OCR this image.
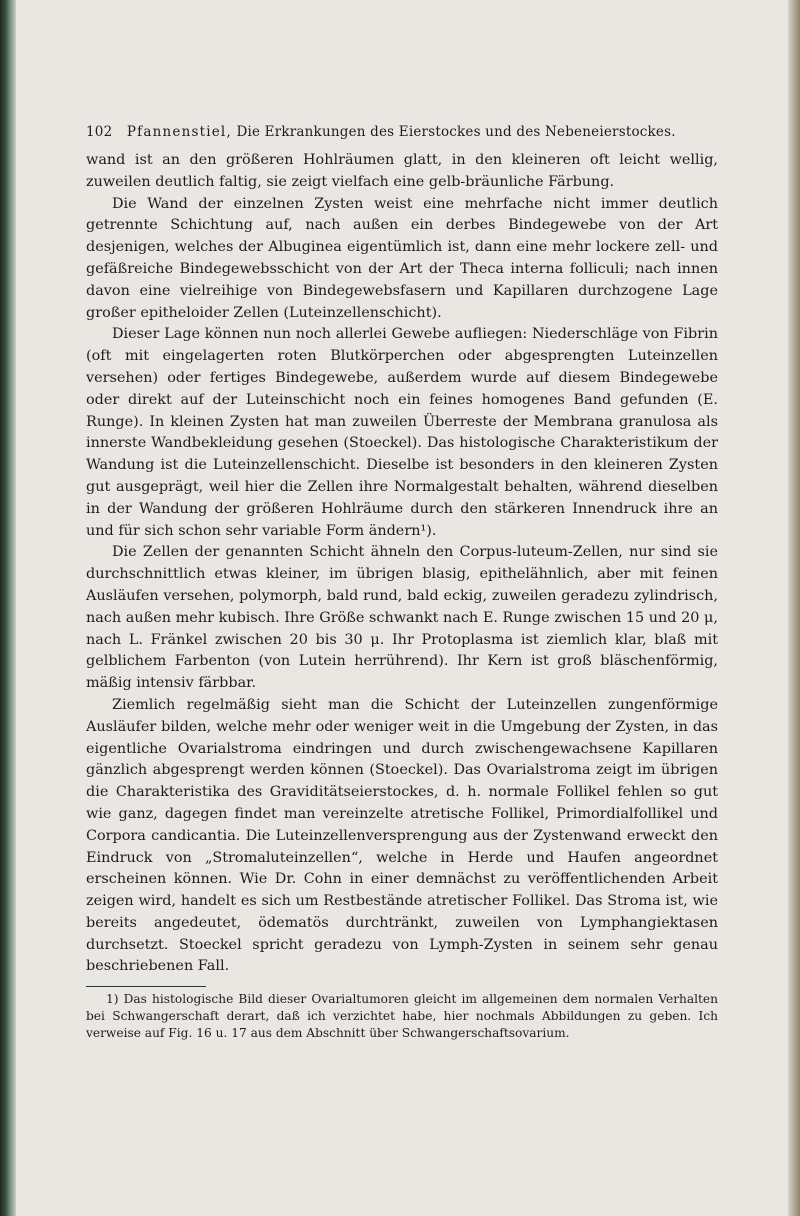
102 Pfannenstiel, Die Erkrankungen des Eierstockes und des Nebeneierstockes.

wand ist an den größeren Hohlräumen glatt, in den kleineren oft leicht wellig, zuweilen deutlich faltig, sie zeigt vielfach eine gelb-bräunliche Färbung.

Die Wand der einzelnen Zysten weist eine mehrfache nicht immer deutlich getrennte Schichtung auf, nach außen ein derbes Bindegewebe von der Art desjenigen, welches der Albuginea eigentümlich ist, dann eine mehr lockere zell- und gefäßreiche Bindegewebsschicht von der Art der Theca interna folliculi; nach innen davon eine vielreihige von Bindegewebsfasern und Kapillaren durchzogene Lage großer epitheloider Zellen (Luteinzellenschicht).

Dieser Lage können nun noch allerlei Gewebe aufliegen: Niederschläge von Fibrin (oft mit eingelagerten roten Blutkörperchen oder abgesprengten Luteinzellen versehen) oder fertiges Bindegewebe, außerdem wurde auf diesem Bindegewebe oder direkt auf der Luteinschicht noch ein feines homogenes Band gefunden (E. Runge). In kleinen Zysten hat man zuweilen Überreste der Membrana granulosa als innerste Wandbekleidung gesehen (Stoeckel). Das histologische Charakteristikum der Wandung ist die Luteinzellenschicht. Dieselbe ist besonders in den kleineren Zysten gut ausgeprägt, weil hier die Zellen ihre Normalgestalt behalten, während dieselben in der Wandung der größeren Hohlräume durch den stärkeren Innendruck ihre an und für sich schon sehr variable Form ändern¹).

Die Zellen der genannten Schicht ähneln den Corpus-luteum-Zellen, nur sind sie durchschnittlich etwas kleiner, im übrigen blasig, epithelähnlich, aber mit feinen Ausläufen versehen, polymorph, bald rund, bald eckig, zuweilen geradezu zylindrisch, nach außen mehr kubisch. Ihre Größe schwankt nach E. Runge zwischen 15 und 20 μ, nach L. Fränkel zwischen 20 bis 30 μ. Ihr Protoplasma ist ziemlich klar, blaß mit gelblichem Farbenton (von Lutein herrührend). Ihr Kern ist groß bläschenförmig, mäßig intensiv färbbar.

Ziemlich regelmäßig sieht man die Schicht der Luteinzellen zungenförmige Ausläufer bilden, welche mehr oder weniger weit in die Umgebung der Zysten, in das eigentliche Ovarialstroma eindringen und durch zwischengewachsene Kapillaren gänzlich abgesprengt werden können (Stoeckel). Das Ovarialstroma zeigt im übrigen die Charakteristika des Graviditätseierstockes, d. h. normale Follikel fehlen so gut wie ganz, dagegen findet man vereinzelte atretische Follikel, Primordialfollikel und Corpora candicantia. Die Luteinzellenversprengung aus der Zystenwand erweckt den Eindruck von „Stromaluteinzellen“, welche in Herde und Haufen angeordnet erscheinen können. Wie Dr. Cohn in einer demnächst zu veröffentlichenden Arbeit zeigen wird, handelt es sich um Restbestände atretischer Follikel. Das Stroma ist, wie bereits angedeutet, ödematös durchtränkt, zuweilen von Lymphangiektasen durchsetzt. Stoeckel spricht geradezu von Lymph-Zysten in seinem sehr genau beschriebenen Fall.

1) Das histologische Bild dieser Ovarialtumoren gleicht im allgemeinen dem normalen Verhalten bei Schwangerschaft derart, daß ich verzichtet habe, hier nochmals Abbildungen zu geben. Ich verweise auf Fig. 16 u. 17 aus dem Abschnitt über Schwangerschaftsovarium.
